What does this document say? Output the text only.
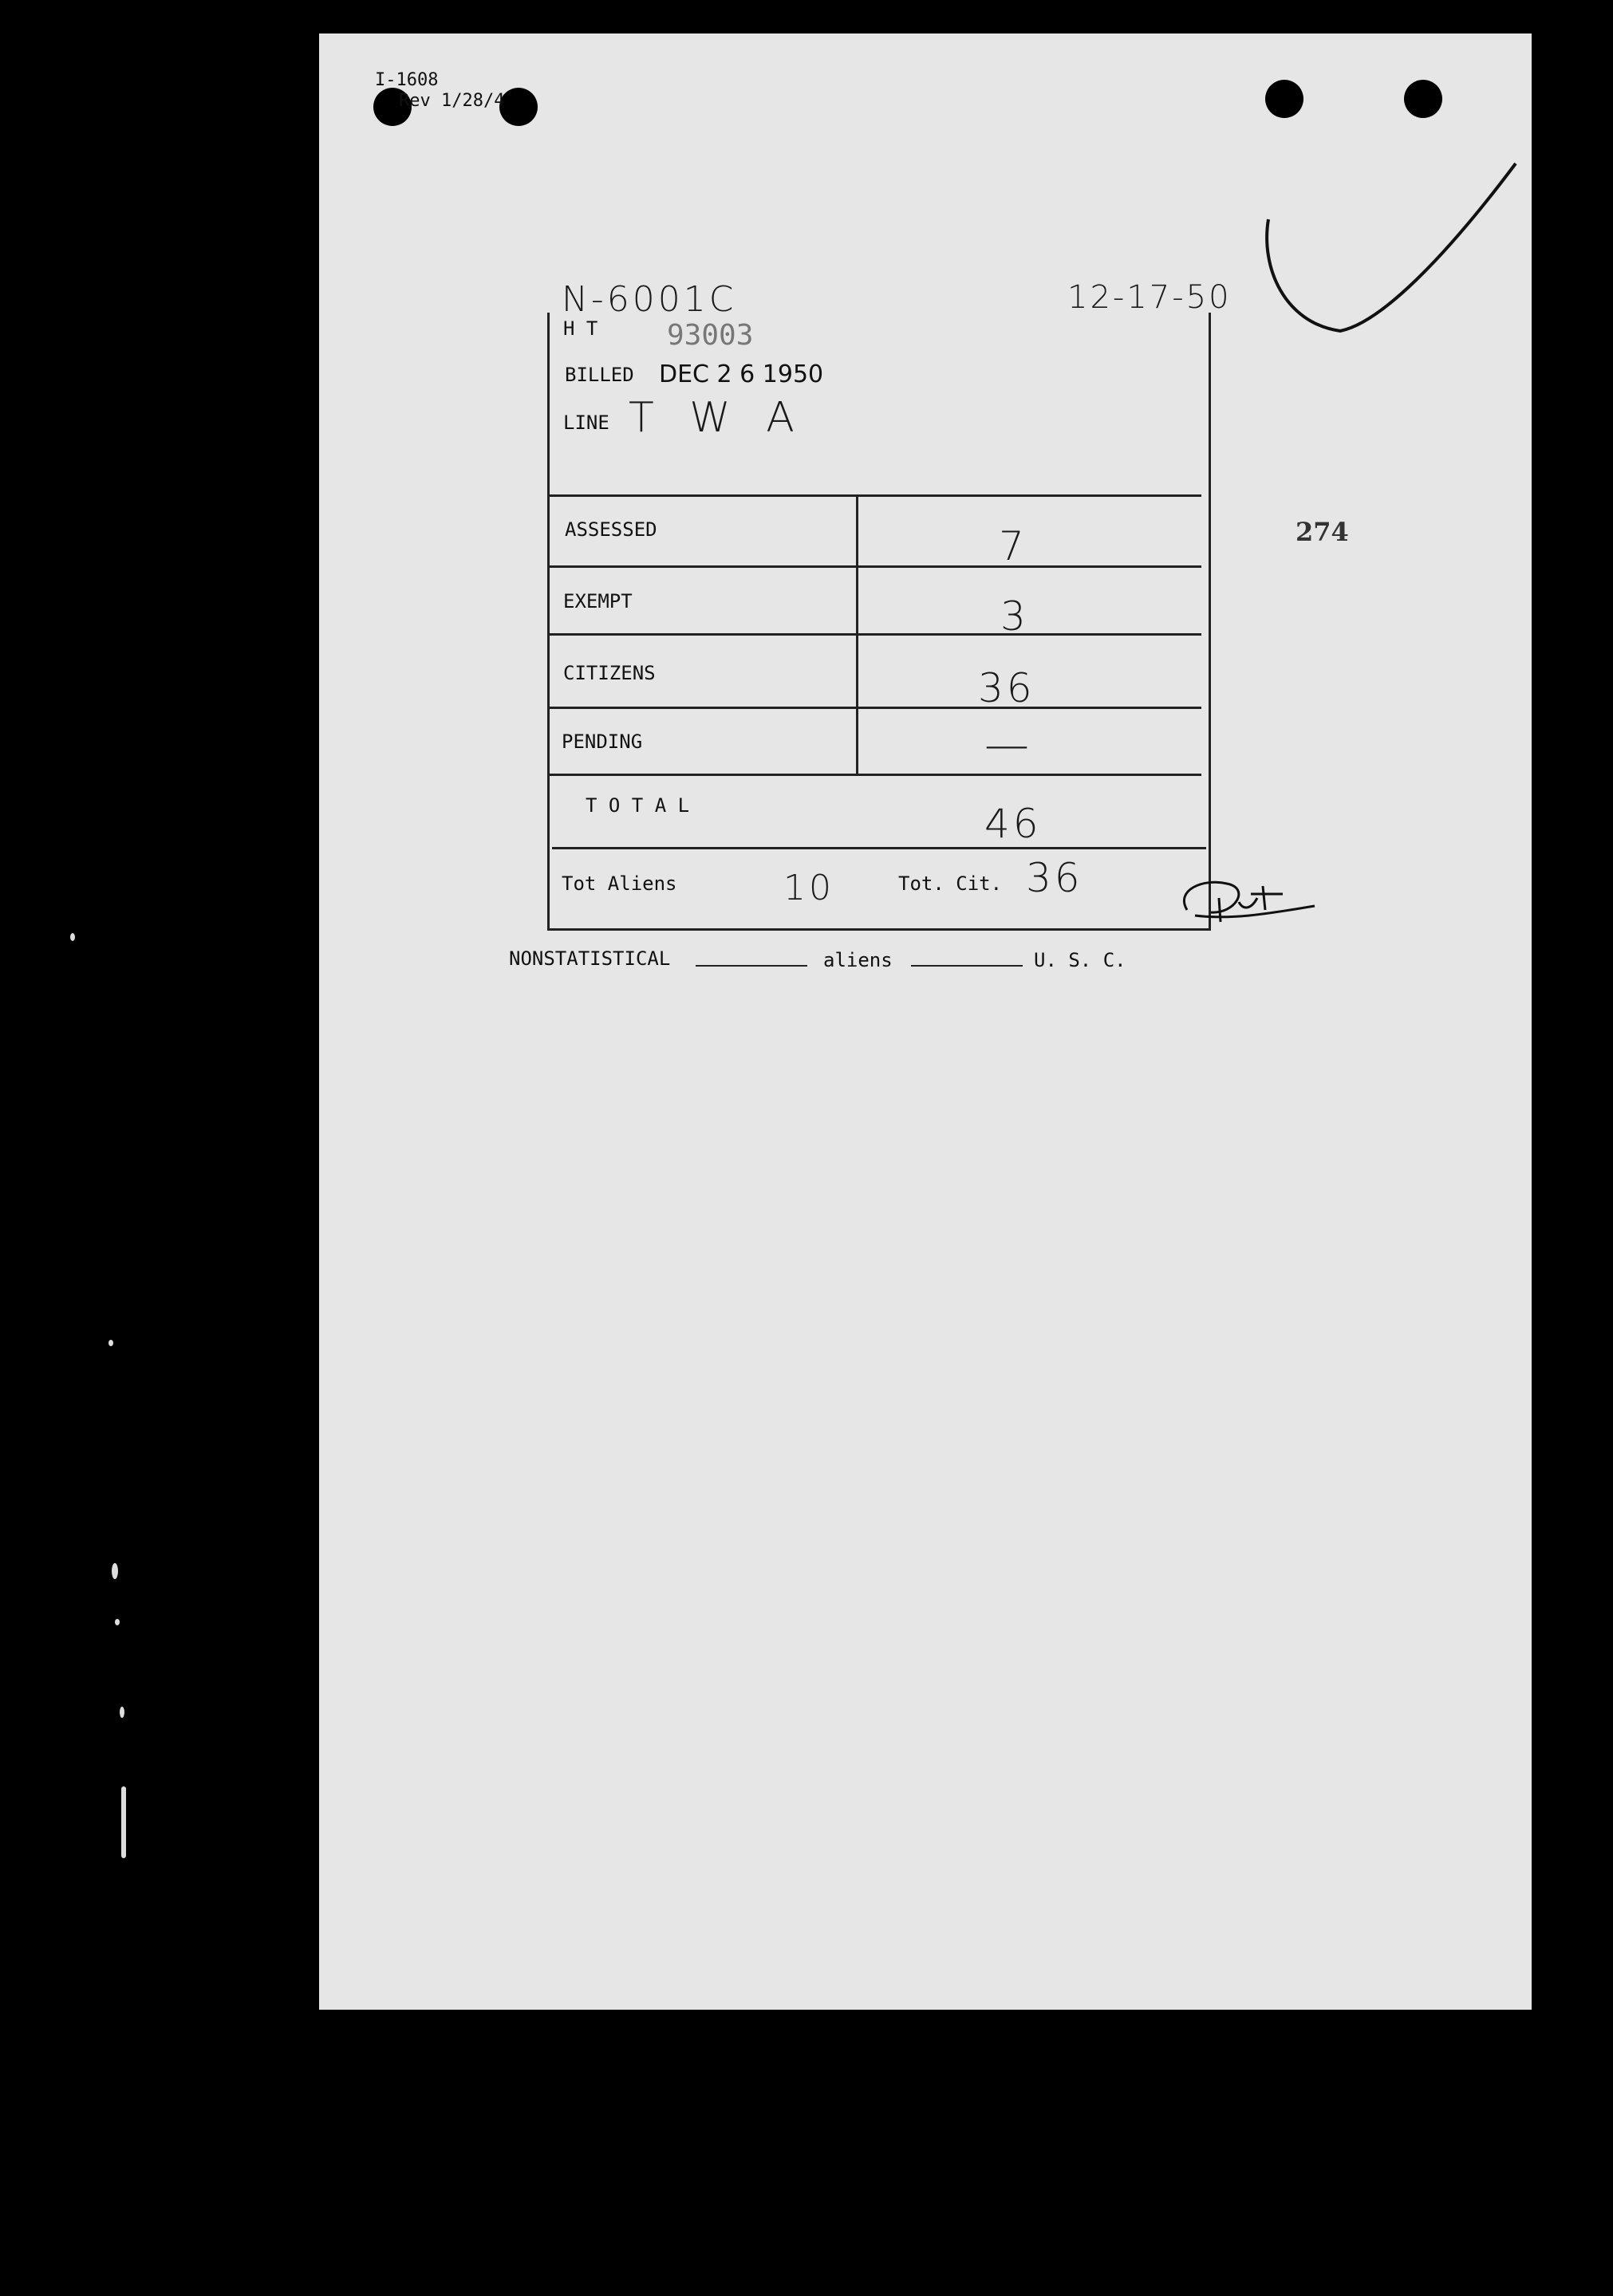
I-1608
Rev 1/28/4
N-6001C	12-17-50
274
H T 93003
BILLED DEC 2 6 1950
LINE T W A
ASSESSED	7
EXEMPT	3
CITIZENS	36
PENDING	—
T O T A L	46
Tot Aliens	10	Tot. Cit. 36	Aut
NONSTATISTICAL	aliens	U. S. C.
